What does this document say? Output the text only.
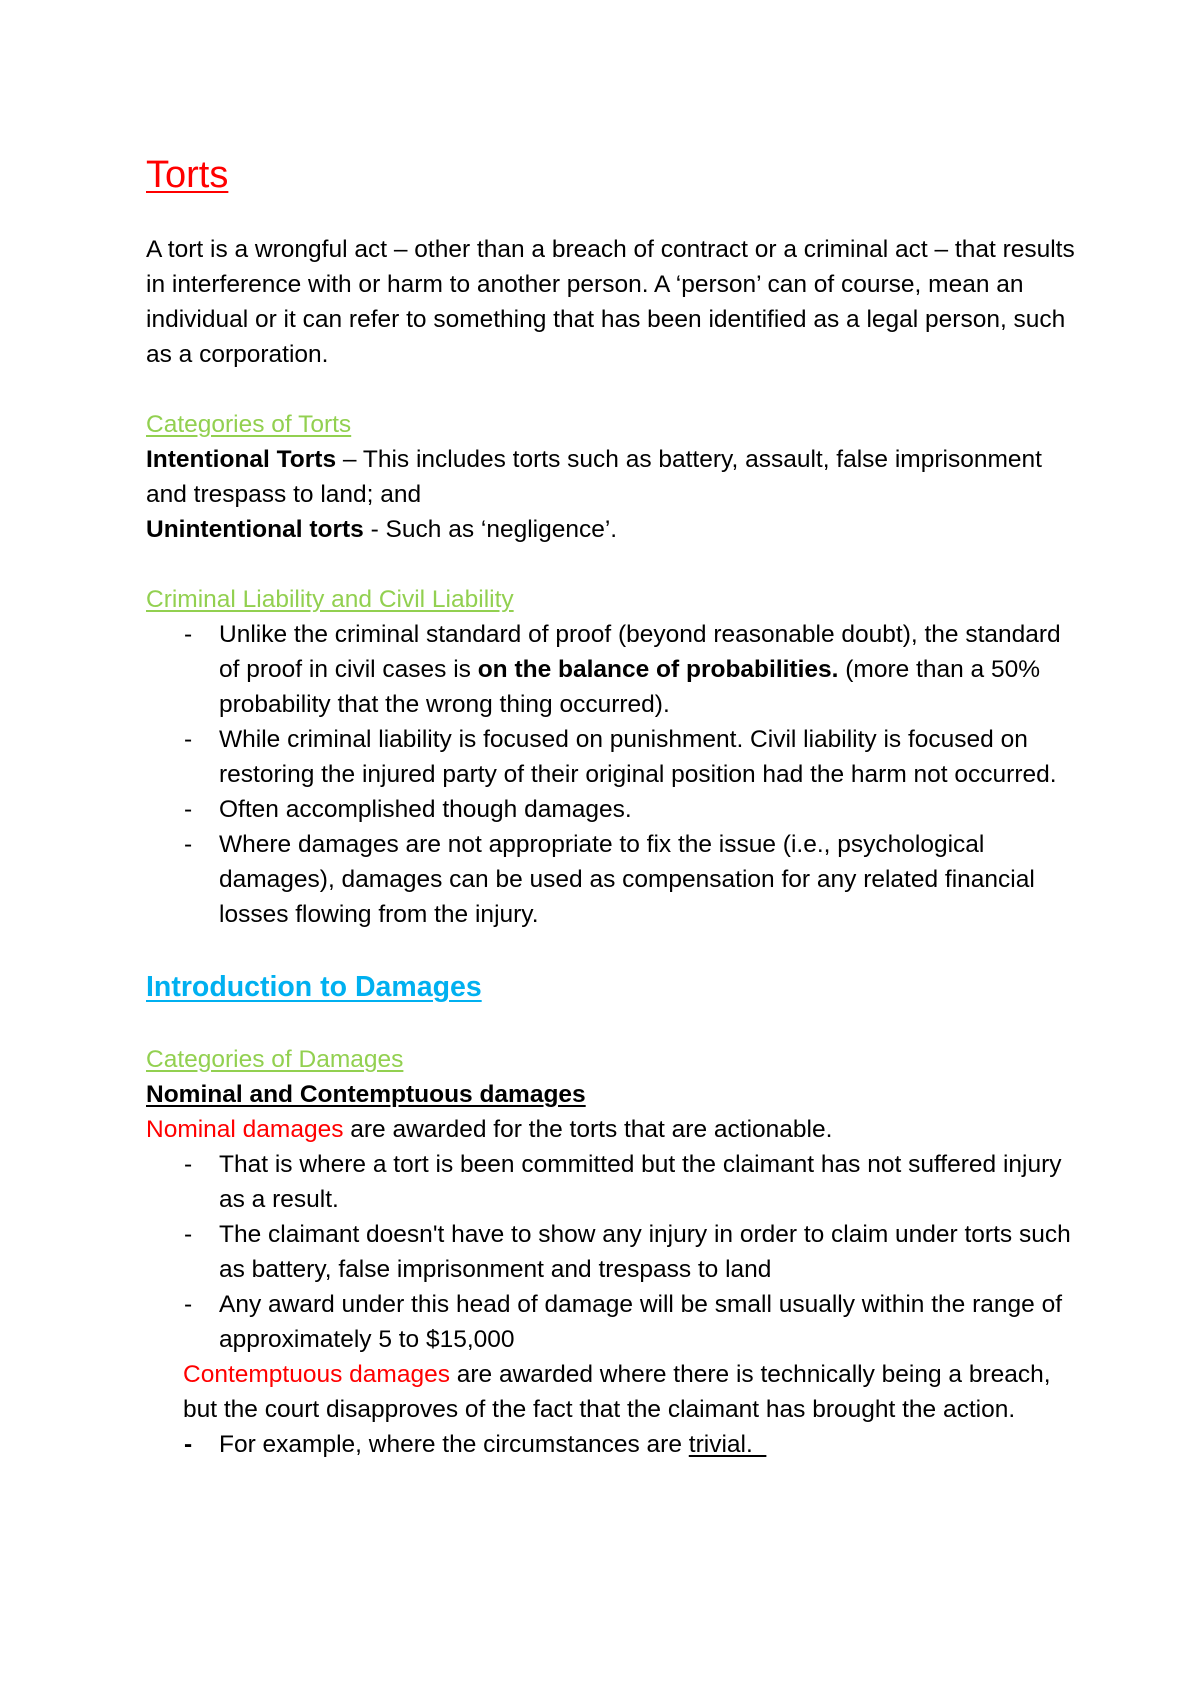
Torts

A tort is a wrongful act – other than a breach of contract or a criminal act – that results in interference with or harm to another person. A ‘person’ can of course, mean an individual or it can refer to something that has been identified as a legal person, such as a corporation.

Categories of Torts

Intentional Torts – This includes torts such as battery, assault, false imprisonment and trespass to land; and

Unintentional torts - Such as ‘negligence’.

Criminal Liability and Civil Liability

- Unlike the criminal standard of proof (beyond reasonable doubt), the standard of proof in civil cases is on the balance of probabilities. (more than a 50% probability that the wrong thing occurred).
- While criminal liability is focused on punishment. Civil liability is focused on restoring the injured party of their original position had the harm not occurred.
- Often accomplished though damages.
- Where damages are not appropriate to fix the issue (i.e., psychological damages), damages can be used as compensation for any related financial losses flowing from the injury.
Introduction to Damages

Categories of Damages

Nominal and Contemptuous damages

Nominal damages are awarded for the torts that are actionable.

- That is where a tort is been committed but the claimant has not suffered injury as a result.
- The claimant doesn't have to show any injury in order to claim under torts such as battery, false imprisonment and trespass to land
- Any award under this head of damage will be small usually within the range of approximately 5 to $15,000

Contemptuous damages are awarded where there is technically being a breach, but the court disapproves of the fact that the claimant has brought the action.

- For example, where the circumstances are trivial.
